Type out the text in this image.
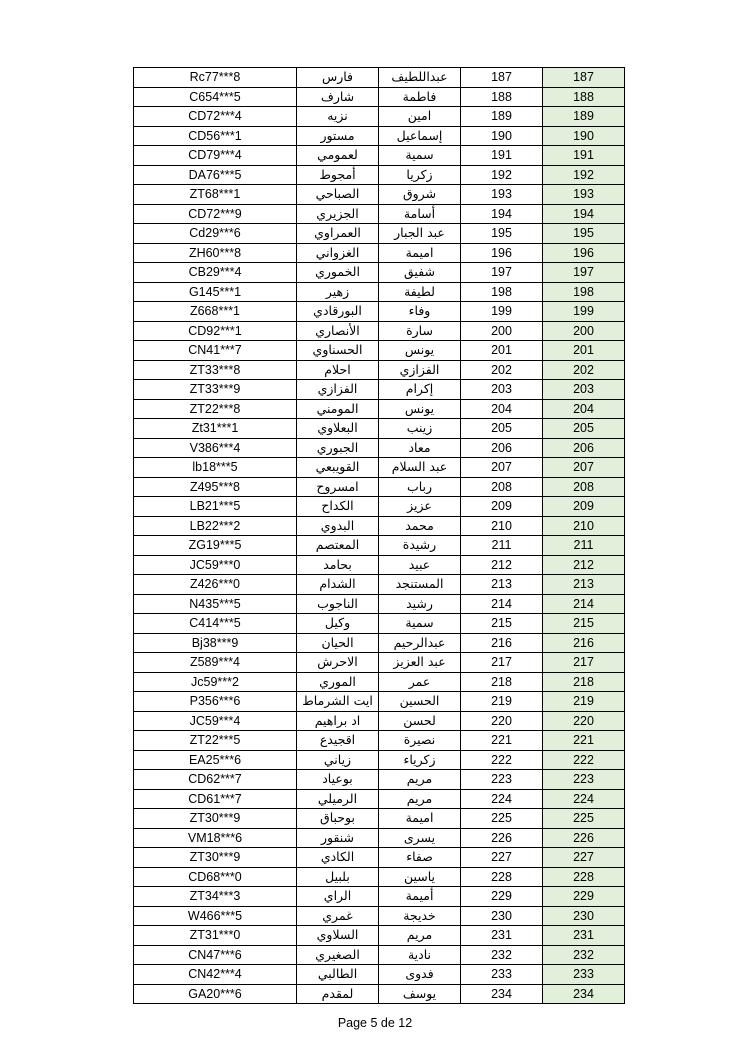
Rc77***8	فارس	عبداللطيف	187	187
C654***5	شارف	فاطمة	188	188
CD72***4	نزيه	امين	189	189
CD56***1	مستور	إسماعيل	190	190
CD79***4	لعمومي	سمية	191	191
DA76***5	أمجوط	زكريا	192	192
ZT68***1	الصباحي	شروق	193	193
CD72***9	الجزيري	أسامة	194	194
Cd29***6	العمراوي	عبد الجبار	195	195
ZH60***8	الغزواني	اميمة	196	196
CB29***4	الخموري	شفيق	197	197
G145***1	زهير	لطيفة	198	198
Z668***1	البورقادي	وفاء	199	199
CD92***1	الأنصاري	سارة	200	200
CN41***7	الحسناوي	يونس	201	201
ZT33***8	احلام	الفزازي	202	202
ZT33***9	الفزازي	إكرام	203	203
ZT22***8	المومني	يونس	204	204
Zt31***1	البعلاوي	زينب	205	205
V386***4	الجبوري	معاد	206	206
lb18***5	القويبعي	عبد السلام	207	207
Z495***8	امسروح	رباب	208	208
LB21***5	الكداح	عزيز	209	209
LB22***2	البدوي	محمد	210	210
ZG19***5	المعتصم	رشيدة	211	211
JC59***0	بحامد	عبيد	212	212
Z426***0	الشدام	المستنجد	213	213
N435***5	الناجوب	رشيد	214	214
C414***5	وكيل	سمية	215	215
Bj38***9	الحيان	عبدالرحيم	216	216
Z589***4	الاحرش	عبد العزيز	217	217
Jc59***2	الموري	عمر	218	218
P356***6	ايت الشرماط	الحسين	219	219
JC59***4	اد براهيم	لحسن	220	220
ZT22***5	اقجيدع	نصيرة	221	221
EA25***6	زياني	زكرياء	222	222
CD62***7	بوعياد	مريم	223	223
CD61***7	الرميلي	مريم	224	224
ZT30***9	بوحباق	اميمة	225	225
VM18***6	شنقور	يسرى	226	226
ZT30***9	الكادي	صفاء	227	227
CD68***0	بلبيل	ياسين	228	228
ZT34***3	الراي	أميمة	229	229
W466***5	غمري	خديجة	230	230
ZT31***0	السلاوي	مريم	231	231
CN47***6	الصغيري	نادية	232	232
CN42***4	الطالبي	فدوى	233	233
GA20***6	لمقدم	يوسف	234	234
Page 5 de 12
